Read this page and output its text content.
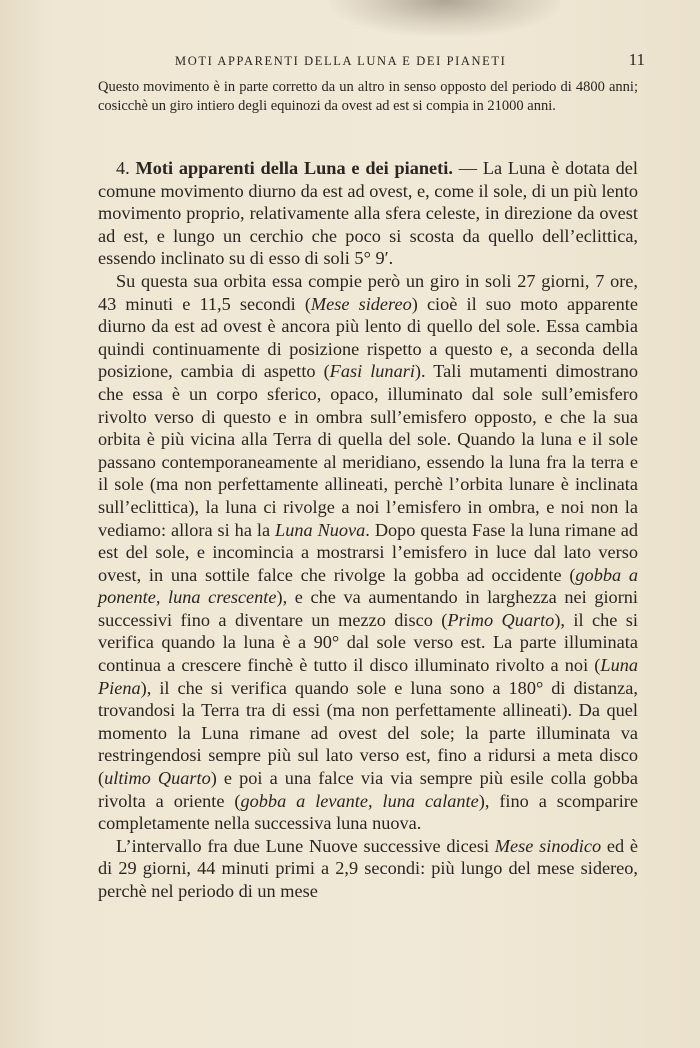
MOTI APPARENTI DELLA LUNA E DEI PIANETI	11

Questo movimento è in parte corretto da un altro in senso opposto del periodo di 4800 anni; cosicchè un giro intiero degli equinozi da ovest ad est si compia in 21000 anni.

4. Moti apparenti della Luna e dei pianeti. — La Luna è dotata del comune movimento diurno da est ad ovest, e, come il sole, di un più lento movimento proprio, relativamente alla sfera celeste, in direzione da ovest ad est, e lungo un cerchio che poco si scosta da quello dell’eclittica, essendo inclinato su di esso di soli 5° 9′.

Su questa sua orbita essa compie però un giro in soli 27 giorni, 7 ore, 43 minuti e 11,5 secondi (Mese sidereo) cioè il suo moto apparente diurno da est ad ovest è ancora più lento di quello del sole. Essa cambia quindi continuamente di posizione rispetto a questo e, a seconda della posizione, cambia di aspetto (Fasi lunari). Tali mutamenti dimostrano che essa è un corpo sferico, opaco, illuminato dal sole sull’emisfero rivolto verso di questo e in ombra sull’emisfero opposto, e che la sua orbita è più vicina alla Terra di quella del sole. Quando la luna e il sole passano contemporaneamente al meridiano, essendo la luna fra la terra e il sole (ma non perfettamente allineati, perchè l’orbita lunare è inclinata sull’eclittica), la luna ci rivolge a noi l’emisfero in ombra, e noi non la vediamo: allora si ha la Luna Nuova. Dopo questa Fase la luna rimane ad est del sole, e incomincia a mostrarsi l’emisfero in luce dal lato verso ovest, in una sottile falce che rivolge la gobba ad occidente (gobba a ponente, luna crescente), e che va aumentando in larghezza nei giorni successivi fino a diventare un mezzo disco (Primo Quarto), il che si verifica quando la luna è a 90° dal sole verso est. La parte illuminata continua a crescere finchè è tutto il disco illuminato rivolto a noi (Luna Piena), il che si verifica quando sole e luna sono a 180° di distanza, trovandosi la Terra tra di essi (ma non perfettamente allineati). Da quel momento la Luna rimane ad ovest del sole; la parte illuminata va restringendosi sempre più sul lato verso est, fino a ridursi a meta disco (ultimo Quarto) e poi a una falce via via sempre più esile colla gobba rivolta a oriente (gobba a levante, luna calante), fino a scomparire completamente nella successiva luna nuova.

L’intervallo fra due Lune Nuove successive dicesi Mese sinodico ed è di 29 giorni, 44 minuti primi a 2,9 secondi: più lungo del mese sidereo, perchè nel periodo di un mese
